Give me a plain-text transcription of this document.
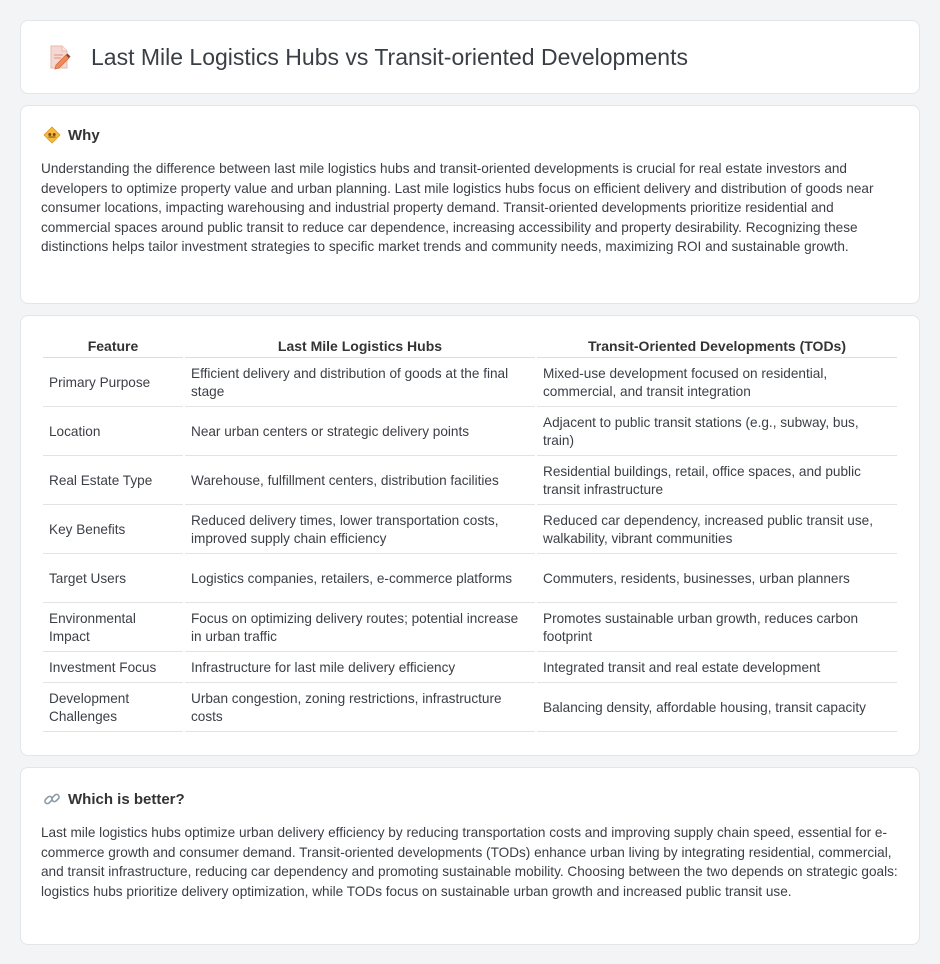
Last Mile Logistics Hubs vs Transit-oriented Developments
Why

Understanding the difference between last mile logistics hubs and transit-oriented developments is crucial for real estate investors and developers to optimize property value and urban planning. Last mile logistics hubs focus on efficient delivery and distribution of goods near consumer locations, impacting warehousing and industrial property demand. Transit-oriented developments prioritize residential and commercial spaces around public transit to reduce car dependence, increasing accessibility and property desirability. Recognizing these distinctions helps tailor investment strategies to specific market trends and community needs, maximizing ROI and sustainable growth.

Feature	Last Mile Logistics Hubs	Transit-Oriented Developments (TODs)
Primary Purpose	Efficient delivery and distribution of goods at the final stage	Mixed-use development focused on residential, commercial, and transit integration
Location	Near urban centers or strategic delivery points	Adjacent to public transit stations (e.g., subway, bus, train)
Real Estate Type	Warehouse, fulfillment centers, distribution facilities	Residential buildings, retail, office spaces, and public transit infrastructure
Key Benefits	Reduced delivery times, lower transportation costs, improved supply chain efficiency	Reduced car dependency, increased public transit use, walkability, vibrant communities
Target Users	Logistics companies, retailers, e-commerce platforms	Commuters, residents, businesses, urban planners
Environmental Impact	Focus on optimizing delivery routes; potential increase in urban traffic	Promotes sustainable urban growth, reduces carbon footprint
Investment Focus	Infrastructure for last mile delivery efficiency	Integrated transit and real estate development
Development Challenges	Urban congestion, zoning restrictions, infrastructure costs	Balancing density, affordable housing, transit capacity
Which is better?

Last mile logistics hubs optimize urban delivery efficiency by reducing transportation costs and improving supply chain speed, essential for e-commerce growth and consumer demand. Transit-oriented developments (TODs) enhance urban living by integrating residential, commercial, and transit infrastructure, reducing car dependency and promoting sustainable mobility. Choosing between the two depends on strategic goals: logistics hubs prioritize delivery optimization, while TODs focus on sustainable urban growth and increased public transit use.
